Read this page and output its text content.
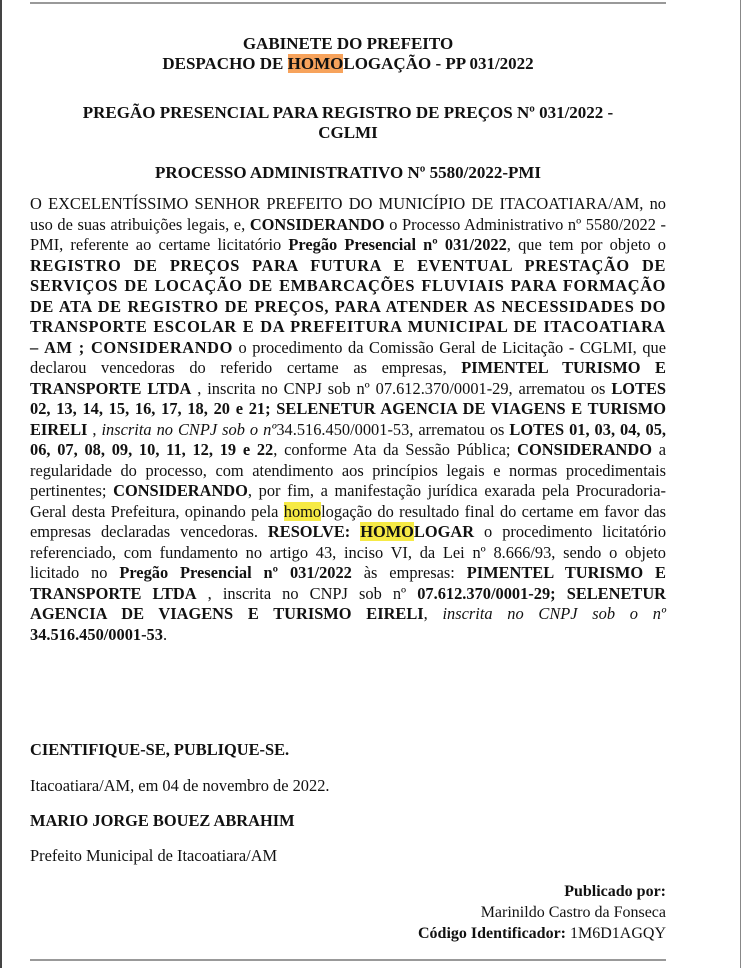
GABINETE DO PREFEITO
DESPACHO DE HOMOLOGAÇÃO - PP 031/2022
PREGÃO PRESENCIAL PARA REGISTRO DE PREÇOS Nº 031/2022 -
CGLMI
PROCESSO ADMINISTRATIVO Nº 5580/2022-PMI

O EXCELENTÍSSIMO SENHOR PREFEITO DO MUNICÍPIO DE ITACOATIARA/AM, no uso de suas atribuições legais, e, CONSIDERANDO o Processo Administrativo nº 5580/2022 - PMI, referente ao certame licitatório Pregão Presencial nº 031/2022, que tem por objeto o REGISTRO DE PREÇOS PARA FUTURA E EVENTUAL PRESTAÇÃO DE SERVIÇOS DE LOCAÇÃO DE EMBARCAÇÕES FLUVIAIS PARA FORMAÇÃO DE ATA DE REGISTRO DE PREÇOS, PARA ATENDER AS NECESSIDADES DO TRANSPORTE ESCOLAR E DA PREFEITURA MUNICIPAL DE ITACOATIARA – AM ; CONSIDERANDO o procedimento da Comissão Geral de Licitação - CGLMI, que declarou vencedoras do referido certame as empresas, PIMENTEL TURISMO E TRANSPORTE LTDA , inscrita no CNPJ sob nº 07.612.370/0001-29, arrematou os LOTES 02, 13, 14, 15, 16, 17, 18, 20 e 21; SELENETUR AGENCIA DE VIAGENS E TURISMO EIRELI , inscrita no CNPJ sob o nº34.516.450/0001-53, arrematou os LOTES 01, 03, 04, 05, 06, 07, 08, 09, 10, 11, 12, 19 e 22, conforme Ata da Sessão Pública; CONSIDERANDO a regularidade do processo, com atendimento aos princípios legais e normas procedimentais pertinentes; CONSIDERANDO, por fim, a manifestação jurídica exarada pela Procuradoria-Geral desta Prefeitura, opinando pela homologação do resultado final do certame em favor das empresas declaradas vencedoras. RESOLVE: HOMOLOGAR o procedimento licitatório referenciado, com fundamento no artigo 43, inciso VI, da Lei nº 8.666/93, sendo o objeto licitado no Pregão Presencial nº 031/2022 às empresas: PIMENTEL TURISMO E TRANSPORTE LTDA , inscrita no CNPJ sob nº 07.612.370/0001-29; SELENETUR AGENCIA DE VIAGENS E TURISMO EIRELI, inscrita no CNPJ sob o nº 34.516.450/0001-53.

CIENTIFIQUE-SE, PUBLIQUE-SE.
Itacoatiara/AM, em 04 de novembro de 2022.
MARIO JORGE BOUEZ ABRAHIM
Prefeito Municipal de Itacoatiara/AM
Publicado por:
Marinildo Castro da Fonseca
Código Identificador: 1M6D1AGQY
